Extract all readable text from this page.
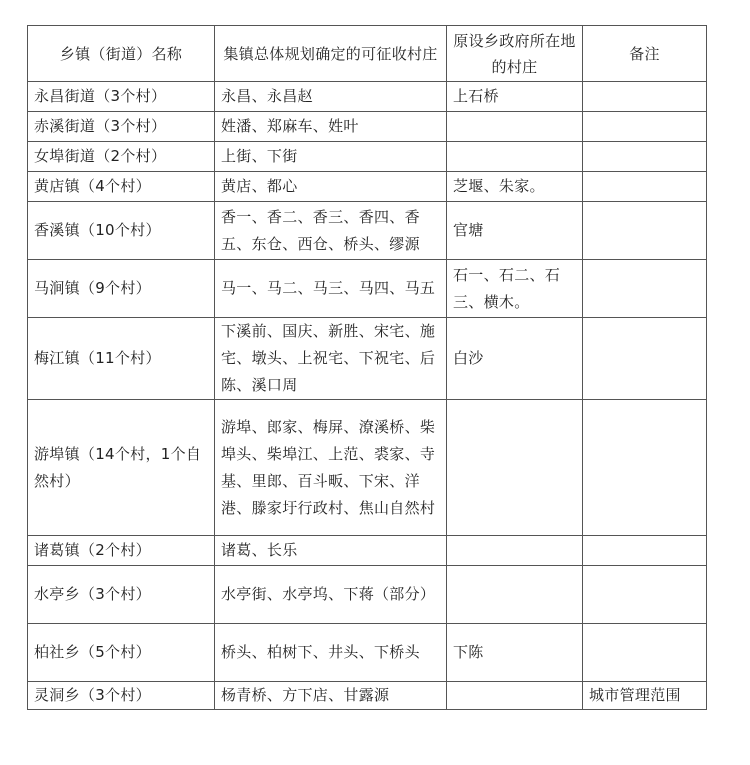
乡镇（街道）名称	集镇总体规划确定的可征收村庄	原设乡政府所在地的村庄	备注
永昌街道（3个村）	永昌、永昌赵	上石桥	
赤溪街道（3个村）	姓潘、郑麻车、姓叶		
女埠街道（2个村）	上街、下街		
黄店镇（4个村）	黄店、都心	芝堰、朱家。	
香溪镇（10个村）	香一、香二、香三、香四、香五、东仓、西仓、桥头、缪源	官塘	
马涧镇（9个村）	马一、马二、马三、马四、马五	石一、石二、石三、横木。	
梅江镇（11个村）	下溪前、国庆、新胜、宋宅、施宅、墩头、上祝宅、下祝宅、后陈、溪口周	白沙	
游埠镇（14个村，1个自然村）	游埠、郎家、梅屏、潦溪桥、柴埠头、柴埠江、上范、裘家、寺基、里郎、百斗畈、下宋、洋港、滕家圩行政村、焦山自然村		
诸葛镇（2个村）	诸葛、长乐		
水亭乡（3个村）	水亭街、水亭坞、下蒋（部分）		
柏社乡（5个村）	桥头、柏树下、井头、下桥头	下陈	
灵洞乡（3个村）	杨青桥、方下店、甘露源		城市管理范围
